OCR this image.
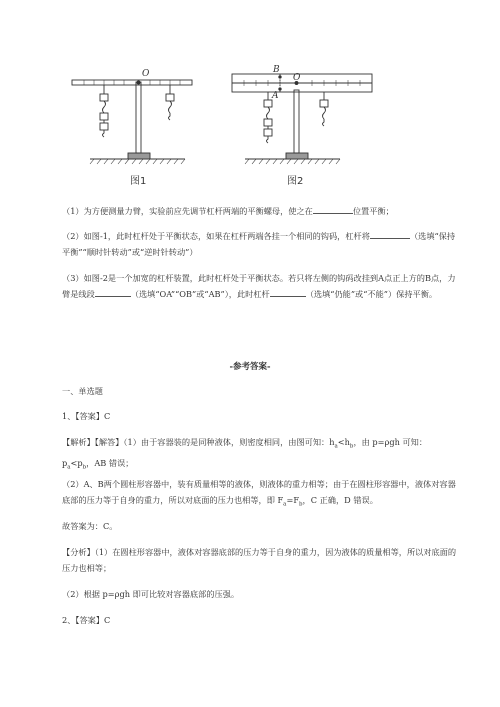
O
图1
B
A
O
图2
（1）为方便测量力臂，实验前应先调节杠杆两端的平衡螺母，使之在	位置平衡；
（2）如图-1，此时杠杆处于平衡状态，如果在杠杆两端各挂一个相同的钩码，杠杆将	（选填“保持平衡”“顺时针转动”或“逆时针转动”）
（3）如图-2是一个加宽的杠杆装置，此时杠杆处于平衡状态。若只将左侧的钩码改挂到A点正上方的B点，力臂是线段	（选填“OA”“OB”或“AB”），此时杠杆	（选填“仍能”或“不能”）保持平衡。
-参考答案-
一、单选题
1、【答案】C
【解析】【解答】（1）由于容器装的是同种液体，则密度相同，由图可知：$h_a<h_b$，由 p=ρgh 可知：$p_a<p_b$，AB 错误；
（2）A、B两个圆柱形容器中，装有质量相等的液体，则液体的重力相等；由于在圆柱形容器中，液体对容器底部的压力等于自身的重力，所以对底面的压力也相等，即 $F_a=F_b$，C 正确，D 错误。
故答案为：C。
【分析】（1）在圆柱形容器中，液体对容器底部的压力等于自身的重力，因为液体的质量相等，所以对底面的压力也相等；
（2）根据 p=ρgh 即可比较对容器底部的压强。
2、【答案】C
